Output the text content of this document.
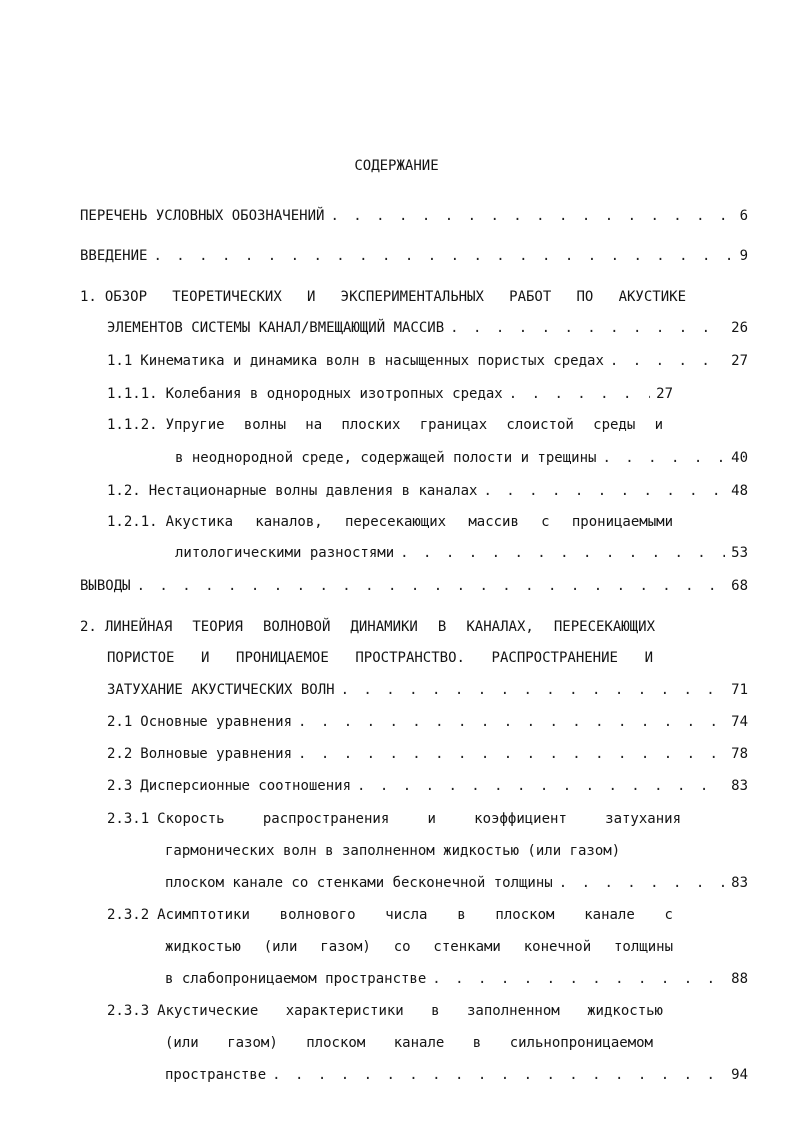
СОДЕРЖАНИЕ
ПЕРЕЧЕНЬ УСЛОВНЫХ ОБОЗНАЧЕНИЙ . . .	6
ВВЕДЕНИЕ . . .	9
1. ОБЗОР ТЕОРЕТИЧЕСКИХ И ЭКСПЕРИМЕНТАЛЬНЫХ РАБОТ ПО АКУСТИКЕ
ЭЛЕМЕНТОВ СИСТЕМЫ КАНАЛ/ВМЕЩАЮЩИЙ МАССИВ . . .	26
1.1 Кинематика и динамика волн в насыщенных пористых средах . . .	27
1.1.1. Колебания в однородных изотропных средах . . .	27
1.1.2. Упругие волны на плоских границах слоистой среды и
в неоднородной среде, содержащей полости и трещины . . .	40
1.2. Нестационарные волны давления в каналах . . .	48
1.2.1. Акустика каналов, пересекающих массив с проницаемыми
литологическими разностями . . .	53
ВЫВОДЫ . . .	68
2. ЛИНЕЙНАЯ ТЕОРИЯ ВОЛНОВОЙ ДИНАМИКИ В КАНАЛАХ, ПЕРЕСЕКАЮЩИХ
ПОРИСТОЕ И ПРОНИЦАЕМОЕ ПРОСТРАНСТВО. РАСПРОСТРАНЕНИЕ И
ЗАТУХАНИЕ АКУСТИЧЕСКИХ ВОЛН . . .	71
2.1 Основные уравнения . . .	74
2.2 Волновые уравнения . . .	78
2.3 Дисперсионные соотношения . . .	83
2.3.1 Скорость распространения и коэффициент затухания
гармонических волн в заполненном жидкостью (или газом)
плоском канале со стенками бесконечной толщины . . .	83
2.3.2 Асимптотики волнового числа в плоском канале с
жидкостью (или газом) со стенками конечной толщины
в слабопроницаемом пространстве . . .	88
2.3.3 Акустические характеристики в заполненном жидкостью
(или газом) плоском канале в сильнопроницаемом
пространстве . . .	94
